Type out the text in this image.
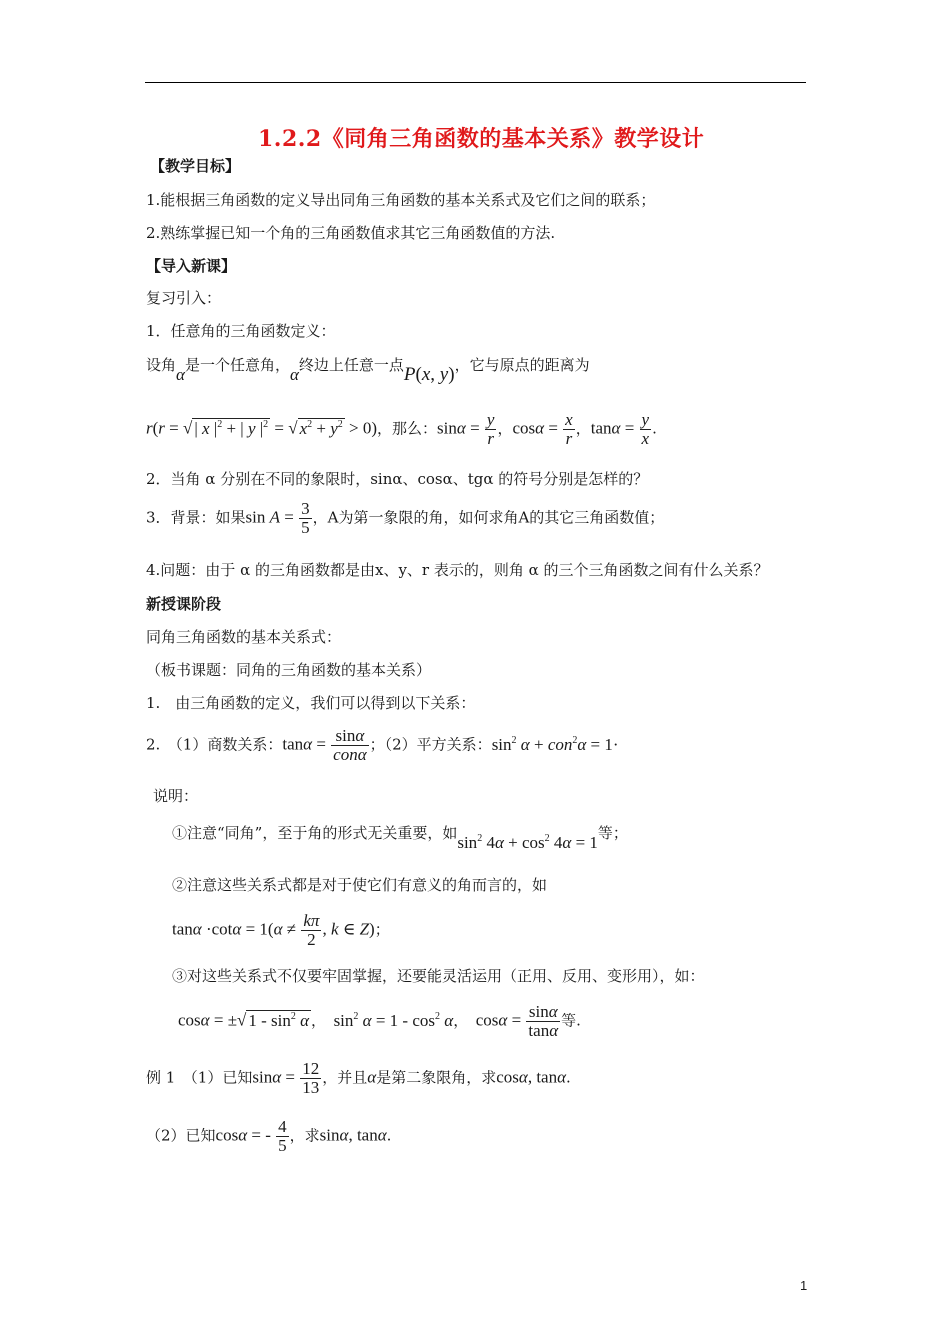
1.2.2《同角三角函数的基本关系》教学设计
【教学目标】
1.能根据三角函数的定义导出同角三角函数的基本关系式及它们之间的联系；
2.熟练掌握已知一个角的三角函数值求其它三角函数值的方法.
【导入新课】
复习引入：
1．任意角的三角函数定义：
设角α是一个任意角，α终边上任意一点P(x, y)，它与原点的距离为
r(r = √ | x $|^2$ + | y $|^2$ = √ $x^2 + y^2 > 0$)，那么：$\sin\alpha = \frac{y}{r}$ ，$\cos\alpha = \frac{x}{r}$ ，$\tan\alpha = \frac{y}{x}$ .
2．当角 α 分别在不同的象限时，sinα、cosα、tgα 的符号分别是怎样的？
3．背景：如果$\sin A = \frac{3}{5}$ ，A为第一象限的角，如何求角A的其它三角函数值；
4.问题：由于 α 的三角函数都是由x、y、r 表示的，则角 α 的三个三角函数之间有什么关系？
新授课阶段
同角三角函数的基本关系式：
（板书课题：同角的三角函数的基本关系）
1.　由三角函数的定义，我们可以得到以下关系：
2.　（1）商数关系：$\tan\alpha = \frac{\sin\alpha}{\text{conα}}$ ；（2）平方关系：$\sin^2 \alpha + con^2\alpha = 1\cdot$
说明：
①注意“同角”，至于角的形式无关重要，如$\sin^2 4\alpha + \cos^2 4\alpha = 1$等；
②注意这些关系式都是对于使它们有意义的角而言的，如
$\tan\alpha \cdot\cot\alpha = 1(\alpha \ne \frac{k\pi}{2}$ , k ∈ Z)；
③对这些关系式不仅要牢固掌握，还要能灵活运用（正用、反用、变形用），如：
cosα = ±√ $1 - \sin^2 \alpha$ ，　$\sin^2 \alpha = 1 - \cos^2 \alpha$，　$\cos\alpha = \frac{\sin\alpha}{\tan\alpha}$ 等.
例 1　（1）已知$\sin\alpha = \frac{12}{13}$ ，并且α是第二象限角，求cosα, tanα.
（2）已知cosα = - $\frac{4}{5}$ ，求sinα, tanα.
1
